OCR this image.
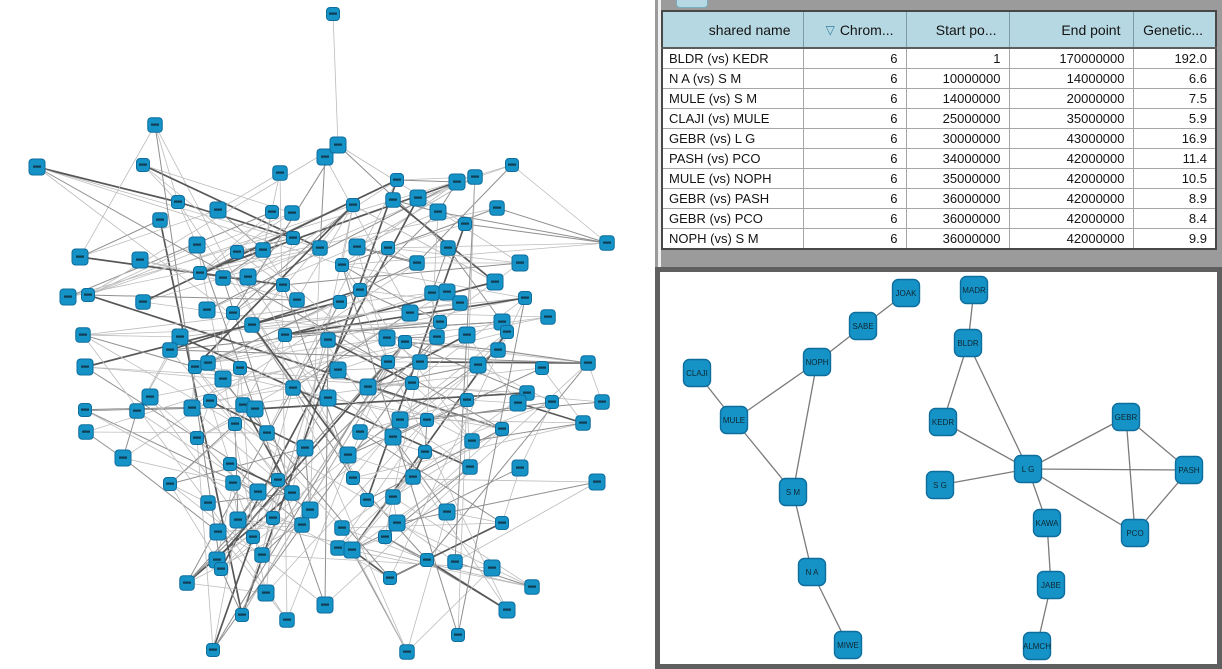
shared name	▽ Chrom...	Start po...	End point	Genetic...
BLDR (vs) KEDR	6	1	170000000	192.0
N A (vs) S M	6	10000000	14000000	6.6
MULE (vs) S M	6	14000000	20000000	7.5
CLAJI (vs) MULE	6	25000000	35000000	5.9
GEBR (vs) L G	6	30000000	43000000	16.9
PASH (vs) PCO	6	34000000	42000000	11.4
MULE (vs) NOPH	6	35000000	42000000	10.5
GEBR (vs) PASH	6	36000000	42000000	8.9
GEBR (vs) PCO	6	36000000	42000000	8.4
NOPH (vs) S M	6	36000000	42000000	9.9
JOAK
SABE
NOPH
CLAJI
MULE
S M
N A
MIWE
MADR
BLDR
KEDR
GEBR
L G
S G
PASH
KAWA
PCO
JABE
ALMCH
